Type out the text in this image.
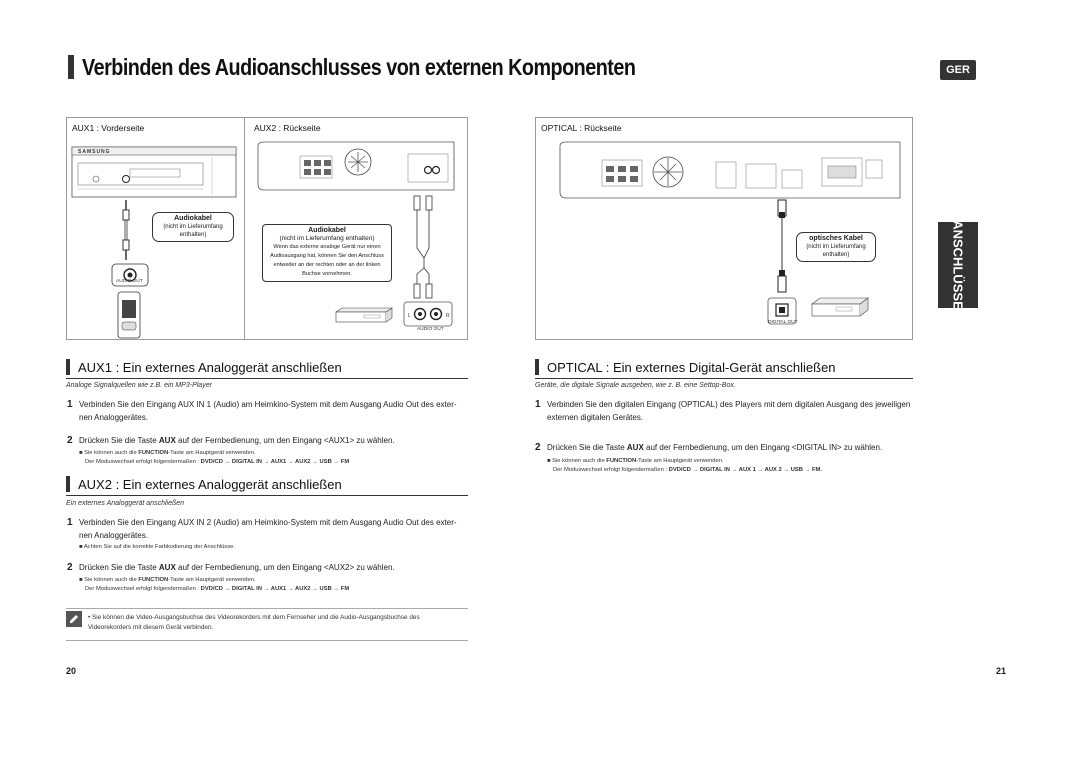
Verbinden des Audioanschlusses von externen Komponenten	GER
ANSCHLÜSSE
AUX1 : Vorderseite	AUX2 : Rückseite
SAMSUNG
Audiokabel
(nicht im Lieferumfang enthalten)
AUDIO OUT
Audiokabel
(nicht im Lieferumfang enthalten)
Wenn das externe analoge Gerät nur einen Audioausgang hat, können Sie den Anschluss entweder an der rechten oder an der linken Buchse vornehmen.
L	R
AUDIO OUT
OPTICAL : Rückseite
optisches Kabel
(nicht im Lieferumfang enthalten)
DIGITAL OUT
AUX1 : Ein externes Analoggerät anschließen
Analoge Signalquellen wie z.B. ein MP3-Player
1 Verbinden Sie den Eingang AUX IN 1 (Audio) am Heimkino-System mit dem Ausgang Audio Out des exter-nen Analoggerätes.
2 Drücken Sie die Taste AUX auf der Fernbedienung, um den Eingang <AUX1> zu wählen.
■ Sie können auch die FUNCTION-Taste am Hauptgerät verwenden.
Der Moduswechsel erfolgt folgendermaßen : DVD/CD → DIGITAL IN → AUX1 → AUX2 → USB → FM
AUX2 : Ein externes Analoggerät anschließen
Ein externes Analoggerät anschließen
1 Verbinden Sie den Eingang AUX IN 2 (Audio) am Heimkino-System mit dem Ausgang Audio Out des exter-nen Analoggerätes.
■ Achten Sie auf die korrekte Farbkodierung der Anschlüsse.
2 Drücken Sie die Taste AUX auf der Fernbedienung, um den Eingang <AUX2> zu wählen.
■ Sie können auch die FUNCTION-Taste am Hauptgerät verwenden.
Der Moduswechsel erfolgt folgendermaßen : DVD/CD → DIGITAL IN → AUX1 → AUX2 → USB → FM
• Sie können die Video-Ausgangsbuchse des Videorekorders mit dem Fernseher und die Audio-Ausgangsbuchse des Videorekorders mit diesem Gerät verbinden.
20
OPTICAL : Ein externes Digital-Gerät anschließen
Geräte, die digitale Signale ausgeben, wie z. B. eine Settop-Box.
1 Verbinden Sie den digitalen Eingang (OPTICAL) des Players mit dem digitalen Ausgang des jeweiligen externen digitalen Gerätes.
2 Drücken Sie die Taste AUX auf der Fernbedienung, um den Eingang <DIGITAL IN> zu wählen.
■ Sie können auch die FUNCTION-Taste am Hauptgerät verwenden.
Der Moduswechsel erfolgt folgendermaßen : DVD/CD → DIGITAL IN → AUX 1 → AUX 2 → USB → FM.
21
